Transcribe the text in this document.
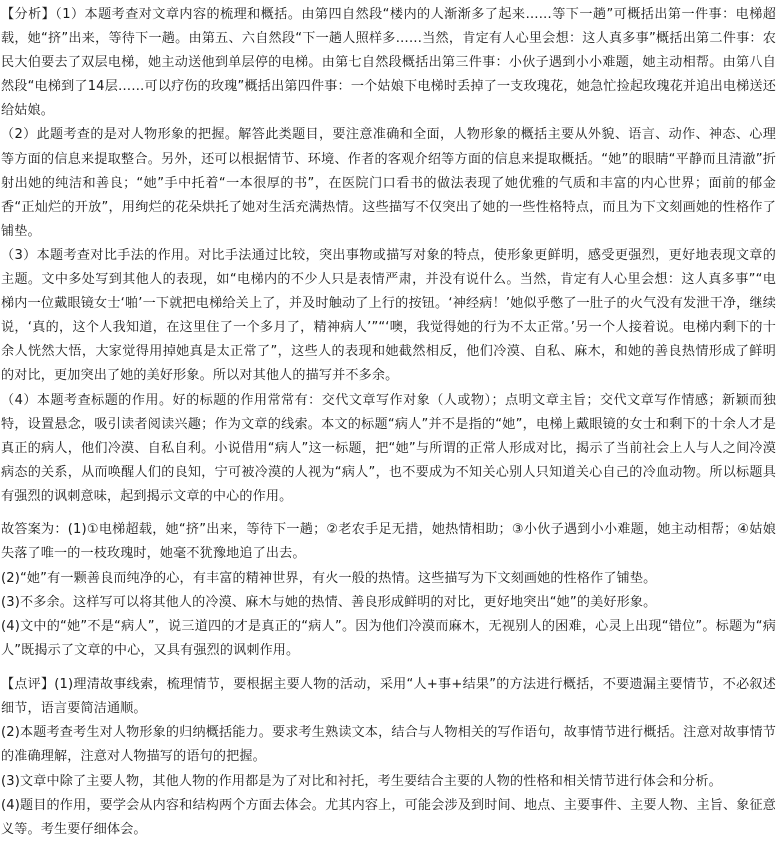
【分析】（1）本题考查对文章内容的梳理和概括。由第四自然段“楼内的人渐渐多了起来……等下一趟”可概括出第一件事：电梯超载，她“挤”出来，等待下一趟。由第五、六自然段“下一趟人照样多……当然，肯定有人心里会想：这人真多事”概括出第二件事：农民大伯要去了双层电梯，她主动送他到单层停的电梯。由第七自然段概括出第三件事：小伙子遇到小小难题，她主动相帮。由第八自然段“电梯到了14层……可以疗伤的玫瑰”概括出第四件事：一个姑娘下电梯时丢掉了一支玫瑰花，她急忙捡起玫瑰花并追出电梯送还给姑娘。

（2）此题考查的是对人物形象的把握。解答此类题目，要注意准确和全面，人物形象的概括主要从外貌、语言、动作、神态、心理等方面的信息来提取整合。另外，还可以根据情节、环境、作者的客观介绍等方面的信息来提取概括。“她”的眼睛“平静而且清澈”折射出她的纯洁和善良；“她”手中托着“一本很厚的书”，在医院门口看书的做法表现了她优雅的气质和丰富的内心世界；面前的郁金香“正灿烂的开放”，用绚烂的花朵烘托了她对生活充满热情。这些描写不仅突出了她的一些性格特点，而且为下文刻画她的性格作了铺垫。

（3）本题考查对比手法的作用。对比手法通过比较，突出事物或描写对象的特点，使形象更鲜明，感受更强烈，更好地表现文章的主题。文中多处写到其他人的表现，如“电梯内的不少人只是表情严肃，并没有说什么。当然，肯定有人心里会想：这人真多事”“电梯内一位戴眼镜女士‘啪’一下就把电梯给关上了，并及时触动了上行的按钮。‘神经病！’她似乎憋了一肚子的火气没有发泄干净，继续说，‘真的，这个人我知道，在这里住了一个多月了，精神病人’”“‘噢，我觉得她的行为不太正常。’另一个人接着说。电梯内剩下的十余人恍然大悟，大家觉得用掉她真是太正常了”，这些人的表现和她截然相反，他们冷漠、自私、麻木，和她的善良热情形成了鲜明的对比，更加突出了她的美好形象。所以对其他人的描写并不多余。

（4）本题考查标题的作用。好的标题的作用常常有：交代文章写作对象（人或物）；点明文章主旨；交代文章写作情感；新颖而独特，设置悬念，吸引读者阅读兴趣；作为文章的线索。本文的标题“病人”并不是指的“她”，电梯上戴眼镜的女士和剩下的十余人才是真正的病人，他们冷漠、自私自利。小说借用“病人”这一标题，把“她”与所谓的正常人形成对比，揭示了当前社会上人与人之间冷漠病态的关系，从而唤醒人们的良知，宁可被冷漠的人视为“病人”，也不要成为不知关心别人只知道关心自己的冷血动物。所以标题具有强烈的讽刺意味，起到揭示文章的中心的作用。

故答案为：(1)①电梯超载，她“挤”出来，等待下一趟；②老农手足无措，她热情相助；③小伙子遇到小小难题，她主动相帮；④姑娘失落了唯一的一枝玫瑰时，她毫不犹豫地追了出去。

(2)“她”有一颗善良而纯净的心，有丰富的精神世界，有火一般的热情。这些描写为下文刻画她的性格作了铺垫。

(3)不多余。这样写可以将其他人的冷漠、麻木与她的热情、善良形成鲜明的对比，更好地突出“她”的美好形象。

(4)文中的“她”不是“病人”，说三道四的才是真正的“病人”。因为他们冷漠而麻木，无视别人的困难，心灵上出现“错位”。标题为“病人”既揭示了文章的中心，又具有强烈的讽刺作用。

【点评】(1)理清故事线索，梳理情节，要根据主要人物的活动，采用“人+事+结果”的方法进行概括，不要遗漏主要情节，不必叙述细节，语言要简洁通顺。

(2)本题考查考生对人物形象的归纳概括能力。要求考生熟读文本，结合与人物相关的写作语句，故事情节进行概括。注意对故事情节的准确理解，注意对人物描写的语句的把握。

(3)文章中除了主要人物，其他人物的作用都是为了对比和衬托，考生要结合主要的人物的性格和相关情节进行体会和分析。

(4)题目的作用，要学会从内容和结构两个方面去体会。尤其内容上，可能会涉及到时间、地点、主要事件、主要人物、主旨、象征意义等。考生要仔细体会。
